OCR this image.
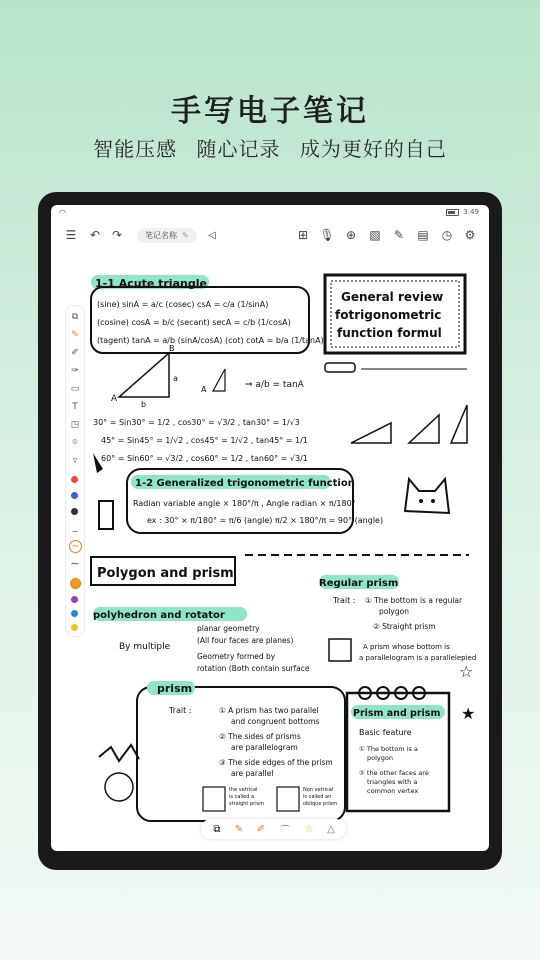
手写电子笔记
智能压感 随心记录 成为更好的自己
◠	3:49
☰ ↶ ↷	笔记名称 ✎	◁	⊞ 🎙 ⊕ ▧ ✎ ▤ ◷ ⚙
⧉
✎
✐
✑
▭
T
◳
⌾
▿
∼
∼
∼
1-1 Acute triangle
(sine) sinA = a/c (cosec) csA = c/a (1/sinA)
(cosine) cosA = b/c (secant) secA = c/b (1/cosA)
(tagent) tanA = a/b (sinA/cosA) (cot) cotA = b/a (1/tanA)
General review
fotrigonometric
function formul
A
b
a
B
A	⇒ a/b = tanA
30° = Sin30° = 1/2 , cos30° = √3/2 , tan30° = 1/√3
45° = Sin45° = 1/√2 , cos45° = 1/√2 , tan45° = 1/1
60° = Sin60° = √3/2 , cos60° = 1/2 , tan60° = √3/1
1-2 Generalized trigonometric function
Radian variable angle × 180°/π , Angle radian × π/180°
ex : 30° × π/180° = π/6 (angle) π/2 × 180°/π = 90° (angle)
Polygon and prism
polyhedron and rotator
By multiple
planar geometry
(All four faces are planes)
Geometry formed by
rotation (Both contain surface
Regular prism
Trait : ① The bottom is a regular
polygon
② Straight prism
A prism whose bottom is
a parallelogram is a parallelepied
prism
Trait :	① A prism has two parallel
and congruent bottoms
② The sides of prisms
are parallelogram
③ The side edges of the prism
are parallel
the vetrical
is called a
straight prism
Non vetrical
is called an
oblique prism
Prism and prism
Basic feature
① The bottom is a
polygon
② the other faces are
triangles with a
common vertex
☆
★
⧉	✎	✐	⌒	☆	△
